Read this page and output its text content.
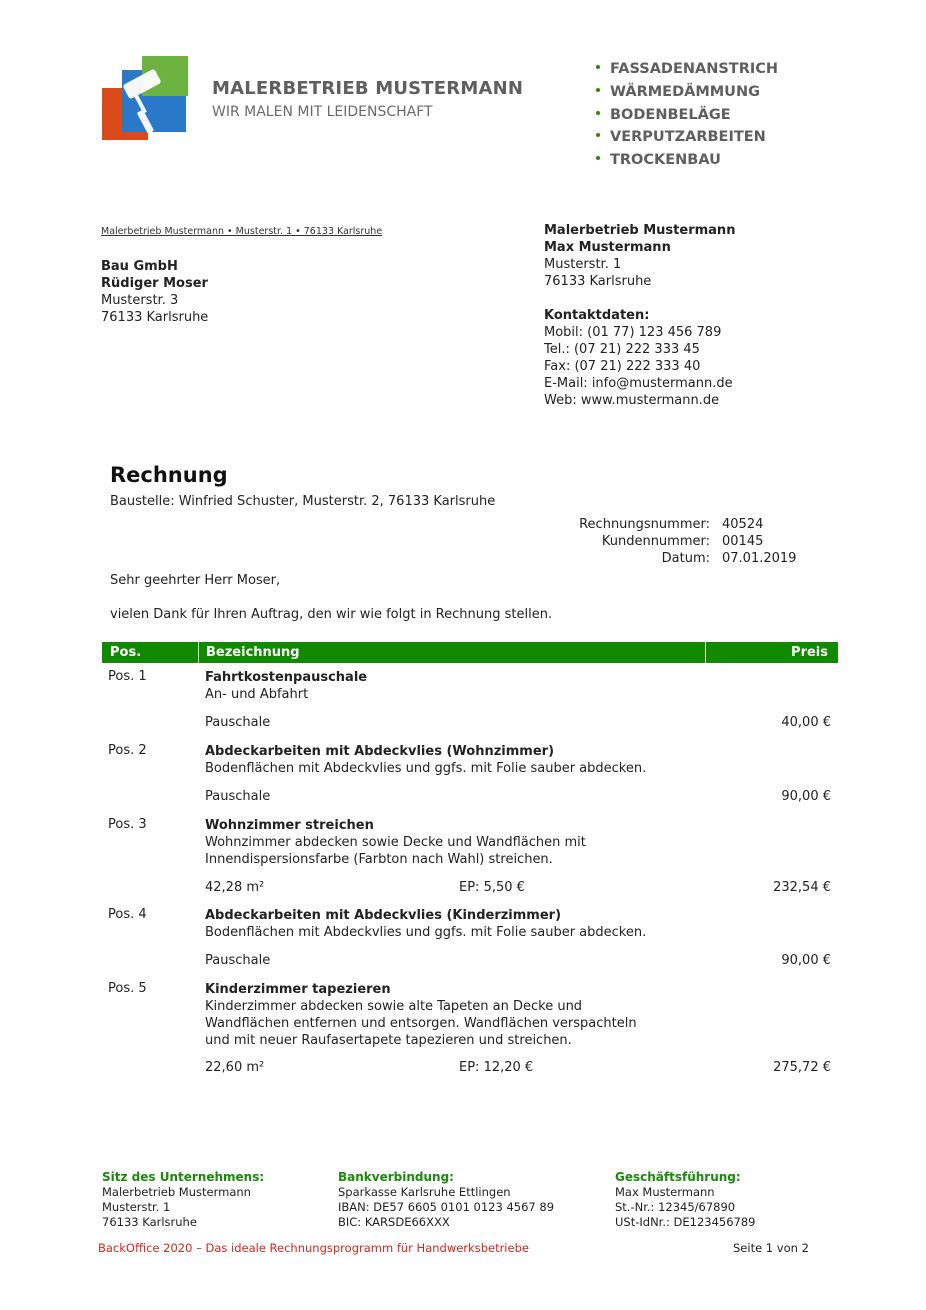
MALERBETRIEB MUSTERMANN
WIR MALEN MIT LEIDENSCHAFT
FASSADENANSTRICH
WÄRMEDÄMMUNG
BODENBELÄGE
VERPUTZARBEITEN
TROCKENBAU
Malerbetrieb Mustermann • Musterstr. 1 • 76133 Karlsruhe
Bau GmbH
Rüdiger Moser
Musterstr. 3
76133 Karlsruhe
Malerbetrieb Mustermann
Max Mustermann
Musterstr. 1
76133 Karlsruhe
Kontaktdaten:
Mobil: (01 77) 123 456 789
Tel.: (07 21) 222 333 45
Fax: (07 21) 222 333 40
E-Mail: info@mustermann.de
Web: www.mustermann.de
Rechnung
Baustelle: Winfried Schuster, Musterstr. 2, 76133 Karlsruhe
Rechnungsnummer: 40524
Kundennummer: 00145
Datum: 07.01.2019
Sehr geehrter Herr Moser,
vielen Dank für Ihren Auftrag, den wir wie folgt in Rechnung stellen.
Pos.	Bezeichnung	Preis
Pos. 1	Fahrtkostenpauschale
An- und Abfahrt
Pauschale	40,00 €
Pos. 2	Abdeckarbeiten mit Abdeckvlies (Wohnzimmer)
Bodenflächen mit Abdeckvlies und ggfs. mit Folie sauber abdecken.
Pauschale	90,00 €
Pos. 3	Wohnzimmer streichen
Wohnzimmer abdecken sowie Decke und Wandflächen mit
Innendispersionsfarbe (Farbton nach Wahl) streichen.
42,28 m²	EP: 5,50 €	232,54 €
Pos. 4	Abdeckarbeiten mit Abdeckvlies (Kinderzimmer)
Bodenflächen mit Abdeckvlies und ggfs. mit Folie sauber abdecken.
Pauschale	90,00 €
Pos. 5	Kinderzimmer tapezieren
Kinderzimmer abdecken sowie alte Tapeten an Decke und
Wandflächen entfernen und entsorgen. Wandflächen verspachteln
und mit neuer Raufasertapete tapezieren und streichen.
22,60 m²	EP: 12,20 €	275,72 €
Sitz des Unternehmens:
Malerbetrieb Mustermann
Musterstr. 1
76133 Karlsruhe
Bankverbindung:
Sparkasse Karlsruhe Ettlingen
IBAN: DE57 6605 0101 0123 4567 89
BIC: KARSDE66XXX
Geschäftsführung:
Max Mustermann
St.-Nr.: 12345/67890
USt-IdNr.: DE123456789
BackOffice 2020 – Das ideale Rechnungsprogramm für Handwerksbetriebe	Seite 1 von 2
